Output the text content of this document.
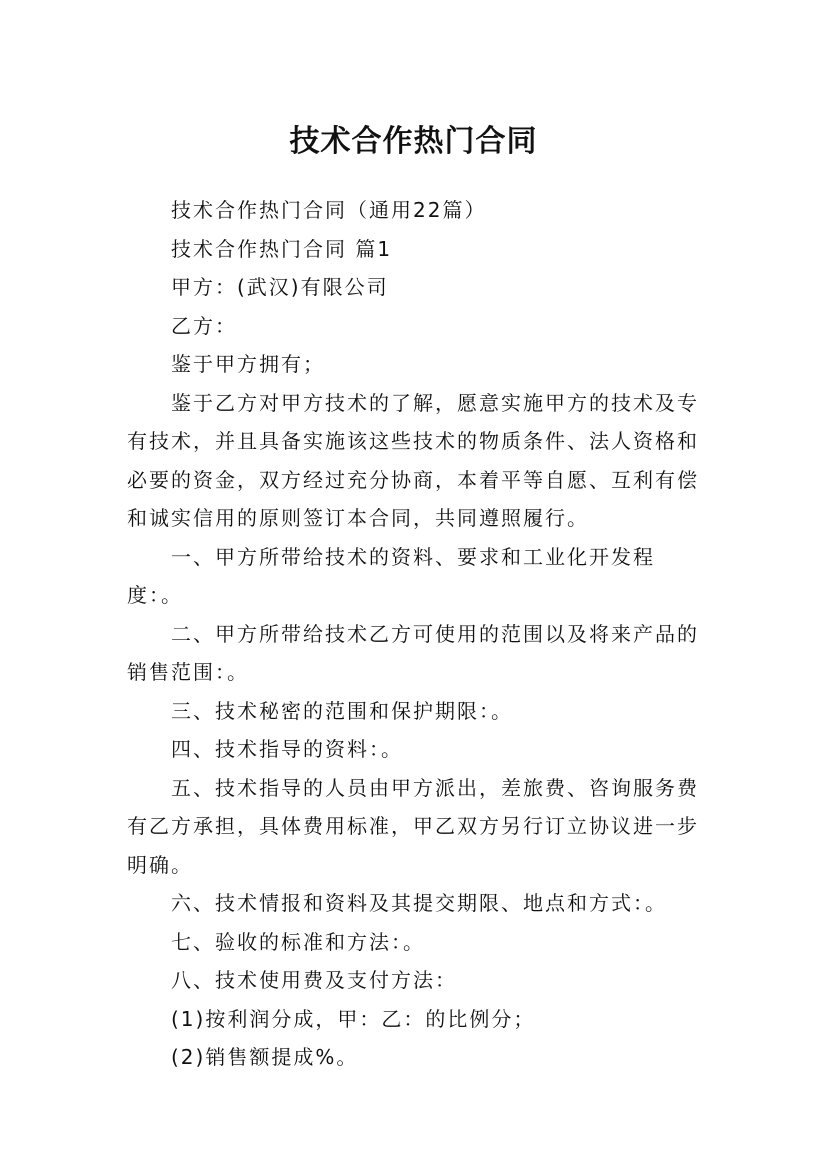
技术合作热门合同

技术合作热门合同（通用22篇）

技术合作热门合同 篇1

甲方：(武汉)有限公司

乙方：

鉴于甲方拥有；

鉴于乙方对甲方技术的了解，愿意实施甲方的技术及专有技术，并且具备实施该这些技术的物质条件、法人资格和必要的资金，双方经过充分协商，本着平等自愿、互利有偿和诚实信用的原则签订本合同，共同遵照履行。

一、甲方所带给技术的资料、要求和工业化开发程度：。

二、甲方所带给技术乙方可使用的范围以及将来产品的销售范围：。

三、技术秘密的范围和保护期限：。

四、技术指导的资料：。

五、技术指导的人员由甲方派出，差旅费、咨询服务费有乙方承担，具体费用标准，甲乙双方另行订立协议进一步明确。

六、技术情报和资料及其提交期限、地点和方式：。

七、验收的标准和方法：。

八、技术使用费及支付方法：

(1)按利润分成，甲：乙：的比例分；

(2)销售额提成%。
